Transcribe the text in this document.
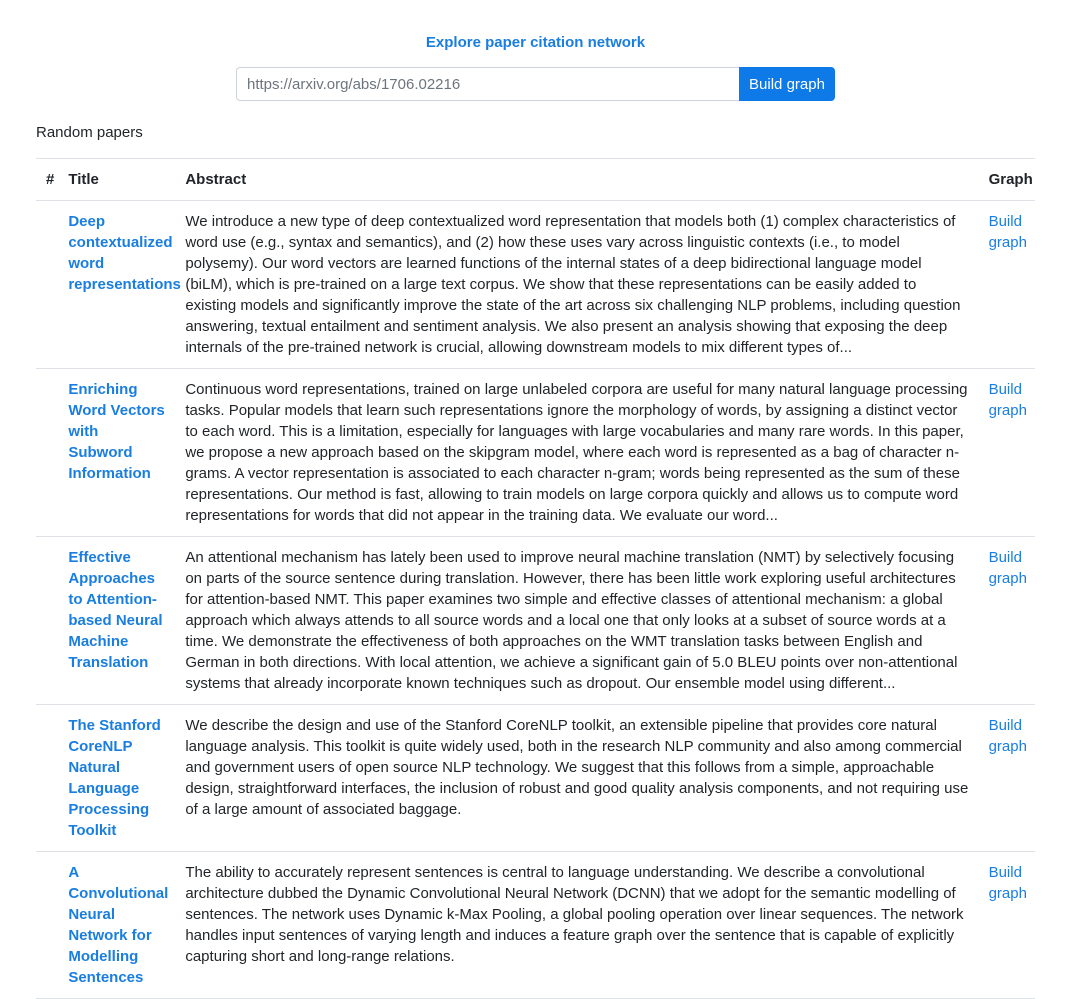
Explore paper citation network
https://arxiv.org/abs/1706.02216
Build graph
Random papers
#	Title	Abstract	Graph

	Deep contextualized word representations	We introduce a new type of deep contextualized word representation that models both (1) complex characteristics of word use (e.g., syntax and semantics), and (2) how these uses vary across linguistic contexts (i.e., to model polysemy). Our word vectors are learned functions of the internal states of a deep bidirectional language model (biLM), which is pre-trained on a large text corpus. We show that these representations can be easily added to existing models and significantly improve the state of the art across six challenging NLP problems, including question answering, textual entailment and sentiment analysis. We also present an analysis showing that exposing the deep internals of the pre-trained network is crucial, allowing downstream models to mix different types of...	Build graph

	Enriching Word Vectors with Subword Information	Continuous word representations, trained on large unlabeled corpora are useful for many natural language processing tasks. Popular models that learn such representations ignore the morphology of words, by assigning a distinct vector to each word. This is a limitation, especially for languages with large vocabularies and many rare words. In this paper, we propose a new approach based on the skipgram model, where each word is represented as a bag of character n-grams. A vector representation is associated to each character n-gram; words being represented as the sum of these representations. Our method is fast, allowing to train models on large corpora quickly and allows us to compute word representations for words that did not appear in the training data. We evaluate our word...	Build graph

	Effective Approaches to Attention-based Neural Machine Translation	An attentional mechanism has lately been used to improve neural machine translation (NMT) by selectively focusing on parts of the source sentence during translation. However, there has been little work exploring useful architectures for attention-based NMT. This paper examines two simple and effective classes of attentional mechanism: a global approach which always attends to all source words and a local one that only looks at a subset of source words at a time. We demonstrate the effectiveness of both approaches on the WMT translation tasks between English and German in both directions. With local attention, we achieve a significant gain of 5.0 BLEU points over non-attentional systems that already incorporate known techniques such as dropout. Our ensemble model using different...	Build graph

	The Stanford CoreNLP Natural Language Processing Toolkit	We describe the design and use of the Stanford CoreNLP toolkit, an extensible pipeline that provides core natural language analysis. This toolkit is quite widely used, both in the research NLP community and also among commercial and government users of open source NLP technology. We suggest that this follows from a simple, approachable design, straightforward interfaces, the inclusion of robust and good quality analysis components, and not requiring use of a large amount of associated baggage.	Build graph

	A Convolutional Neural Network for Modelling Sentences	The ability to accurately represent sentences is central to language understanding. We describe a convolutional architecture dubbed the Dynamic Convolutional Neural Network (DCNN) that we adopt for the semantic modelling of sentences. The network uses Dynamic k-Max Pooling, a global pooling operation over linear sequences. The network handles input sentences of varying length and induces a feature graph over the sentence that is capable of explicitly capturing short and long-range relations.	Build graph
